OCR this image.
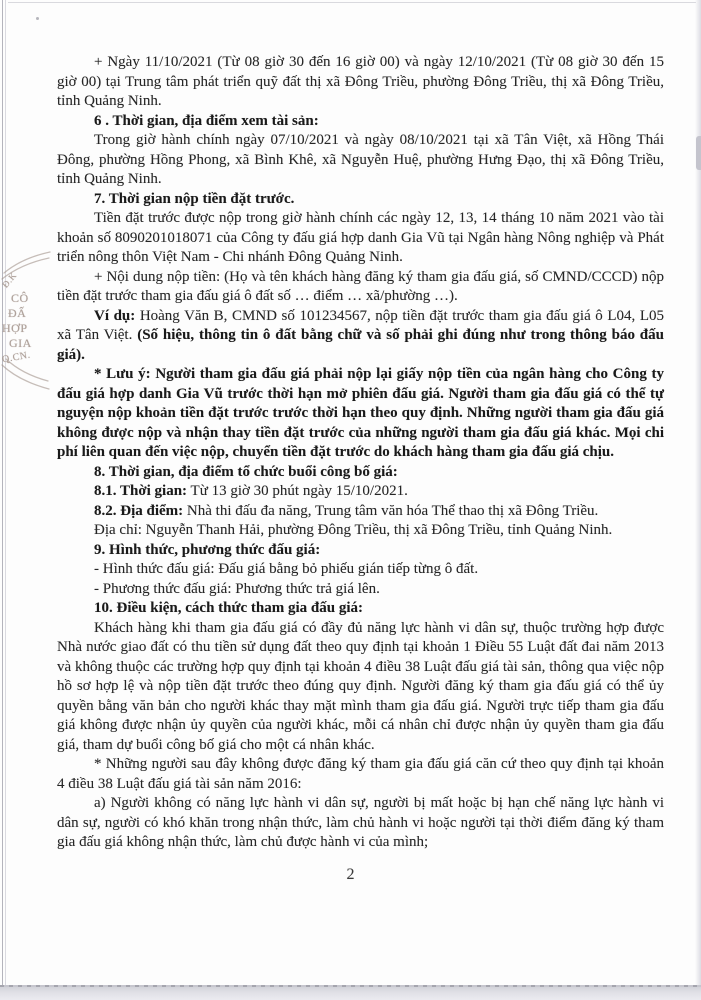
Đ.K
CÔ
ĐẤ
HỢP
GIA
Q.CN.

+ Ngày 11/10/2021 (Từ 08 giờ 30 đến 16 giờ 00) và ngày 12/10/2021 (Từ 08 giờ 30 đến 15 giờ 00) tại Trung tâm phát triển quỹ đất thị xã Đông Triều, phường Đông Triều, thị xã Đông Triều, tỉnh Quảng Ninh.

6 . Thời gian, địa điểm xem tài sản:

Trong giờ hành chính ngày 07/10/2021 và ngày 08/10/2021 tại xã Tân Việt, xã Hồng Thái Đông, phường Hồng Phong, xã Bình Khê, xã Nguyễn Huệ, phường Hưng Đạo, thị xã Đông Triều, tỉnh Quảng Ninh.

7. Thời gian nộp tiền đặt trước.

Tiền đặt trước được nộp trong giờ hành chính các ngày 12, 13, 14 tháng 10 năm 2021 vào tài khoản số 8090201018071 của Công ty đấu giá hợp danh Gia Vũ tại Ngân hàng Nông nghiệp và Phát triển nông thôn Việt Nam - Chi nhánh Đông Quảng Ninh.

+ Nội dung nộp tiền: (Họ và tên khách hàng đăng ký tham gia đấu giá, số CMND/CCCD) nộp tiền đặt trước tham gia đấu giá ô đất số … điểm … xã/phường …).

Ví dụ: Hoàng Văn B, CMND số 101234567, nộp tiền đặt trước tham gia đấu giá ô L04, L05 xã Tân Việt. (Số hiệu, thông tin ô đất bằng chữ và số phải ghi đúng như trong thông báo đấu giá).

* Lưu ý: Người tham gia đấu giá phải nộp lại giấy nộp tiền của ngân hàng cho Công ty đấu giá hợp danh Gia Vũ trước thời hạn mở phiên đấu giá. Người tham gia đấu giá có thể tự nguyện nộp khoản tiền đặt trước trước thời hạn theo quy định. Những người tham gia đấu giá không được nộp và nhận thay tiền đặt trước của những người tham gia đấu giá khác. Mọi chi phí liên quan đến việc nộp, chuyển tiền đặt trước do khách hàng tham gia đấu giá chịu.

8. Thời gian, địa điểm tổ chức buổi công bố giá:

8.1. Thời gian: Từ 13 giờ 30 phút ngày 15/10/2021.

8.2. Địa điểm: Nhà thi đấu đa năng, Trung tâm văn hóa Thể thao thị xã Đông Triều.

Địa chỉ: Nguyễn Thanh Hải, phường Đông Triều, thị xã Đông Triều, tỉnh Quảng Ninh.

9. Hình thức, phương thức đấu giá:

- Hình thức đấu giá: Đấu giá bằng bỏ phiếu gián tiếp từng ô đất.

- Phương thức đấu giá: Phương thức trả giá lên.

10. Điều kiện, cách thức tham gia đấu giá:

Khách hàng khi tham gia đấu giá có đầy đủ năng lực hành vi dân sự, thuộc trường hợp được Nhà nước giao đất có thu tiền sử dụng đất theo quy định tại khoản 1 Điều 55 Luật đất đai năm 2013 và không thuộc các trường hợp quy định tại khoản 4 điều 38 Luật đấu giá tài sản, thông qua việc nộp hồ sơ hợp lệ và nộp tiền đặt trước theo đúng quy định. Người đăng ký tham gia đấu giá có thể ủy quyền bằng văn bản cho người khác thay mặt mình tham gia đấu giá. Người trực tiếp tham gia đấu giá không được nhận ủy quyền của người khác, mỗi cá nhân chỉ được nhận ủy quyền tham gia đấu giá, tham dự buổi công bố giá cho một cá nhân khác.

* Những người sau đây không được đăng ký tham gia đấu giá căn cứ theo quy định tại khoản 4 điều 38 Luật đấu giá tài sản năm 2016:

a) Người không có năng lực hành vi dân sự, người bị mất hoặc bị hạn chế năng lực hành vi dân sự, người có khó khăn trong nhận thức, làm chủ hành vi hoặc người tại thời điểm đăng ký tham gia đấu giá không nhận thức, làm chủ được hành vi của mình;

2
